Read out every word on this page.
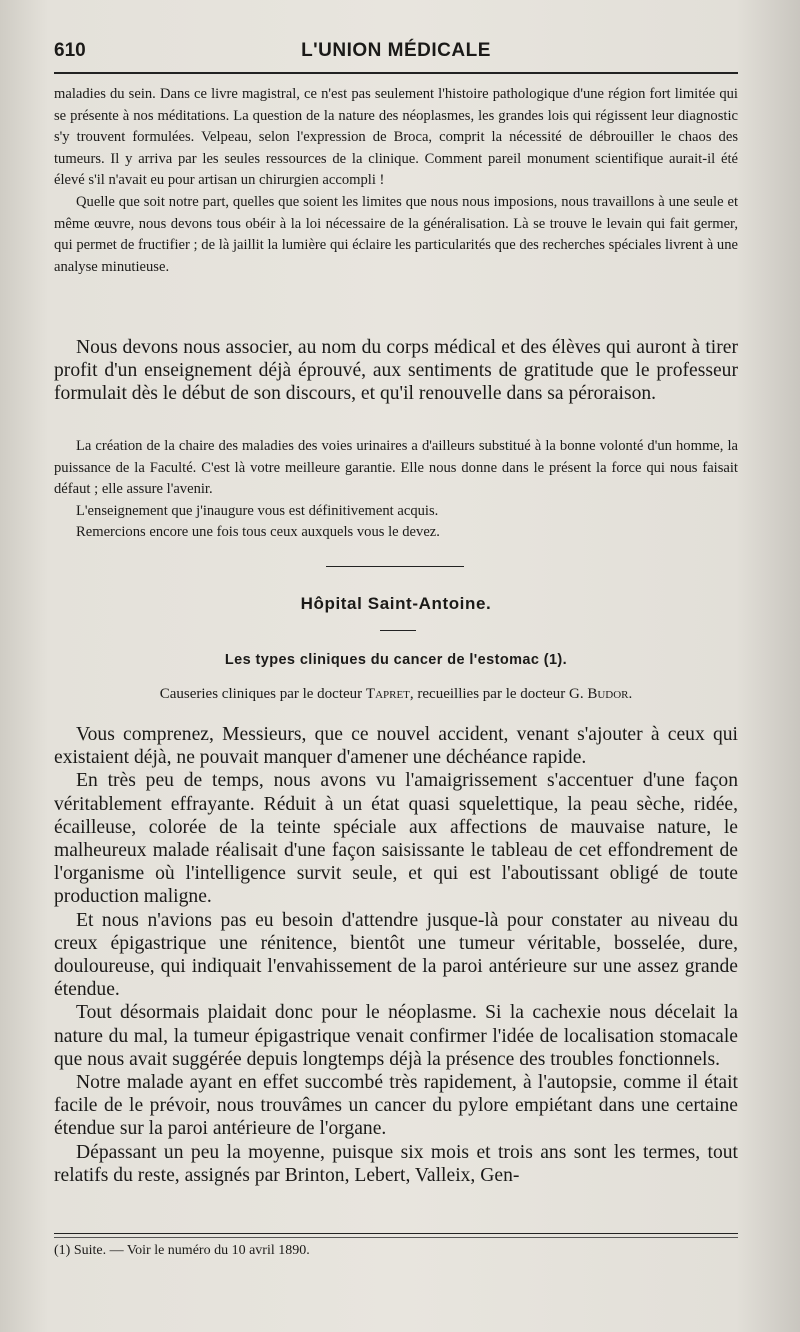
610	L'UNION MÉDICALE

maladies du sein. Dans ce livre magistral, ce n'est pas seulement l'histoire pathologique d'une région fort limitée qui se présente à nos méditations. La question de la nature des néoplasmes, les grandes lois qui régissent leur diagnostic s'y trouvent formulées. Velpeau, selon l'expression de Broca, comprit la nécessité de débrouiller le chaos des tumeurs. Il y arriva par les seules ressources de la clinique. Comment pareil monument scientifique aurait-il été élevé s'il n'avait eu pour artisan un chirurgien accompli !

Quelle que soit notre part, quelles que soient les limites que nous nous imposions, nous travaillons à une seule et même œuvre, nous devons tous obéir à la loi nécessaire de la généralisation. Là se trouve le levain qui fait germer, qui permet de fructifier ; de là jaillit la lumière qui éclaire les particularités que des recherches spéciales livrent à une analyse minutieuse.

Nous devons nous associer, au nom du corps médical et des élèves qui auront à tirer profit d'un enseignement déjà éprouvé, aux sentiments de gratitude que le professeur formulait dès le début de son discours, et qu'il renouvelle dans sa péroraison.

La création de la chaire des maladies des voies urinaires a d'ailleurs substitué à la bonne volonté d'un homme, la puissance de la Faculté. C'est là votre meilleure garantie. Elle nous donne dans le présent la force qui nous faisait défaut ; elle assure l'avenir.

L'enseignement que j'inaugure vous est définitivement acquis.

Remercions encore une fois tous ceux auxquels vous le devez.

Hôpital Saint-Antoine.
Les types cliniques du cancer de l'estomac (1).
Causeries cliniques par le docteur Tapret, recueillies par le docteur G. Budor.

Vous comprenez, Messieurs, que ce nouvel accident, venant s'ajouter à ceux qui existaient déjà, ne pouvait manquer d'amener une déchéance rapide.

En très peu de temps, nous avons vu l'amaigrissement s'accentuer d'une façon véritablement effrayante. Réduit à un état quasi squelettique, la peau sèche, ridée, écailleuse, colorée de la teinte spéciale aux affections de mauvaise nature, le malheureux malade réalisait d'une façon saisissante le tableau de cet effondrement de l'organisme où l'intelligence survit seule, et qui est l'aboutissant obligé de toute production maligne.

Et nous n'avions pas eu besoin d'attendre jusque-là pour constater au niveau du creux épigastrique une rénitence, bientôt une tumeur véritable, bosselée, dure, douloureuse, qui indiquait l'envahissement de la paroi antérieure sur une assez grande étendue.

Tout désormais plaidait donc pour le néoplasme. Si la cachexie nous décelait la nature du mal, la tumeur épigastrique venait confirmer l'idée de localisation stomacale que nous avait suggérée depuis longtemps déjà la présence des troubles fonctionnels.

Notre malade ayant en effet succombé très rapidement, à l'autopsie, comme il était facile de le prévoir, nous trouvâmes un cancer du pylore empiétant dans une certaine étendue sur la paroi antérieure de l'organe.

Dépassant un peu la moyenne, puisque six mois et trois ans sont les termes, tout relatifs du reste, assignés par Brinton, Lebert, Valleix, Gen-

(1) Suite. — Voir le numéro du 10 avril 1890.
